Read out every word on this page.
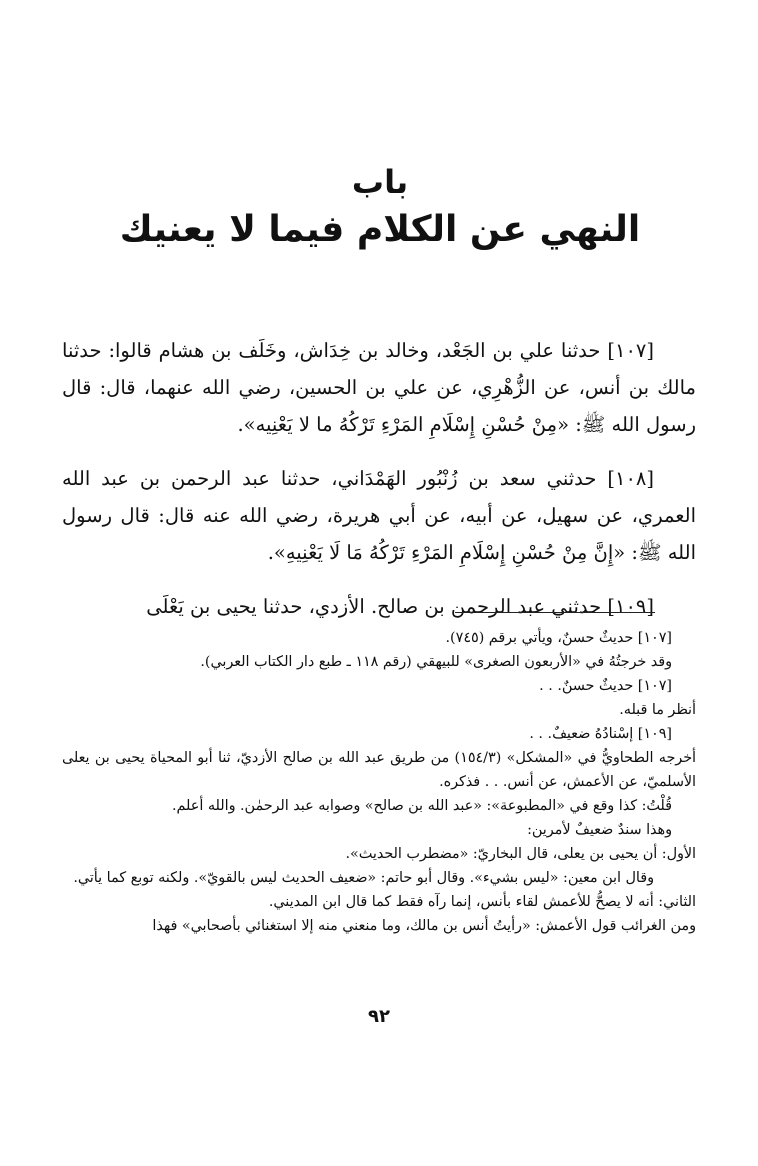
باب
النهي عن الكلام فيما لا يعنيك

[١٠٧] حدثنا علي بن الجَعْد، وخالد بن خِدَاش، وخَلَف بن هشام قالوا: حدثنا مالك بن أنس، عن الزُّهْرِي، عن علي بن الحسين، رضي الله عنهما، قال: قال رسول الله ﷺ: «مِنْ حُسْنِ إِسْلَامِ المَرْءِ تَرْكُهُ ما لا يَعْنِيه».

[١٠٨] حدثني سعد بن زُنْبُور الهَمْدَاني، حدثنا عبد الرحمن بن عبد الله العمري، عن سهيل، عن أبيه، عن أبي هريرة، رضي الله عنه قال: قال رسول الله ﷺ: «إِنَّ مِنْ حُسْنِ إِسْلَامِ المَرْءِ تَرْكُهُ مَا لَا يَعْنِيهِ».

[١٠٩] حدثني عبد الرحمن بن صالح. الأزدي، حدثنا يحيى بن يَعْلَى

[١٠٧] حديثٌ حسنٌ، ويأتي برقم (٧٤٥).
وقد خرجتُهُ في «الأربعون الصغرى» للبيهقي (رقم ١١٨ ـ طبع دار الكتاب العربي).
[١٠٧] حديثٌ حسنٌ. . .
أنظر ما قبله.
[١٠٩] إسْنادُهُ ضعيفٌ. . .
أخرجه الطحاويُّ في «المشكل» (١٥٤/٣) من طريق عبد الله بن صالح الأزديّ، ثنا أبو المحياة يحيى بن يعلى الأسلميّ، عن الأعمش، عن أنس. . . فذكره.
قُلْتُ: كذا وقع في «المطبوعة»: «عبد الله بن صالح» وصوابه عبد الرحمٰن. والله أعلم.
وهذا سندٌ ضعيفٌ لأمرين:
الأول: أن يحيى بن يعلى، قال البخاريّ: «مضطرب الحديث».
وقال ابن معين: «ليس بشيء». وقال أبو حاتم: «ضعيف الحديث ليس بالقويّ». ولكنه توبع كما يأتي.
الثاني: أنه لا يصحُّ للأعمش لقاء بأنس، إنما رآه فقط كما قال ابن المديني.
ومن الغرائب قول الأعمش: «رأيتُ أنس بن مالك، وما منعني منه إلا استغنائي بأصحابي» فهذا
٩٢
